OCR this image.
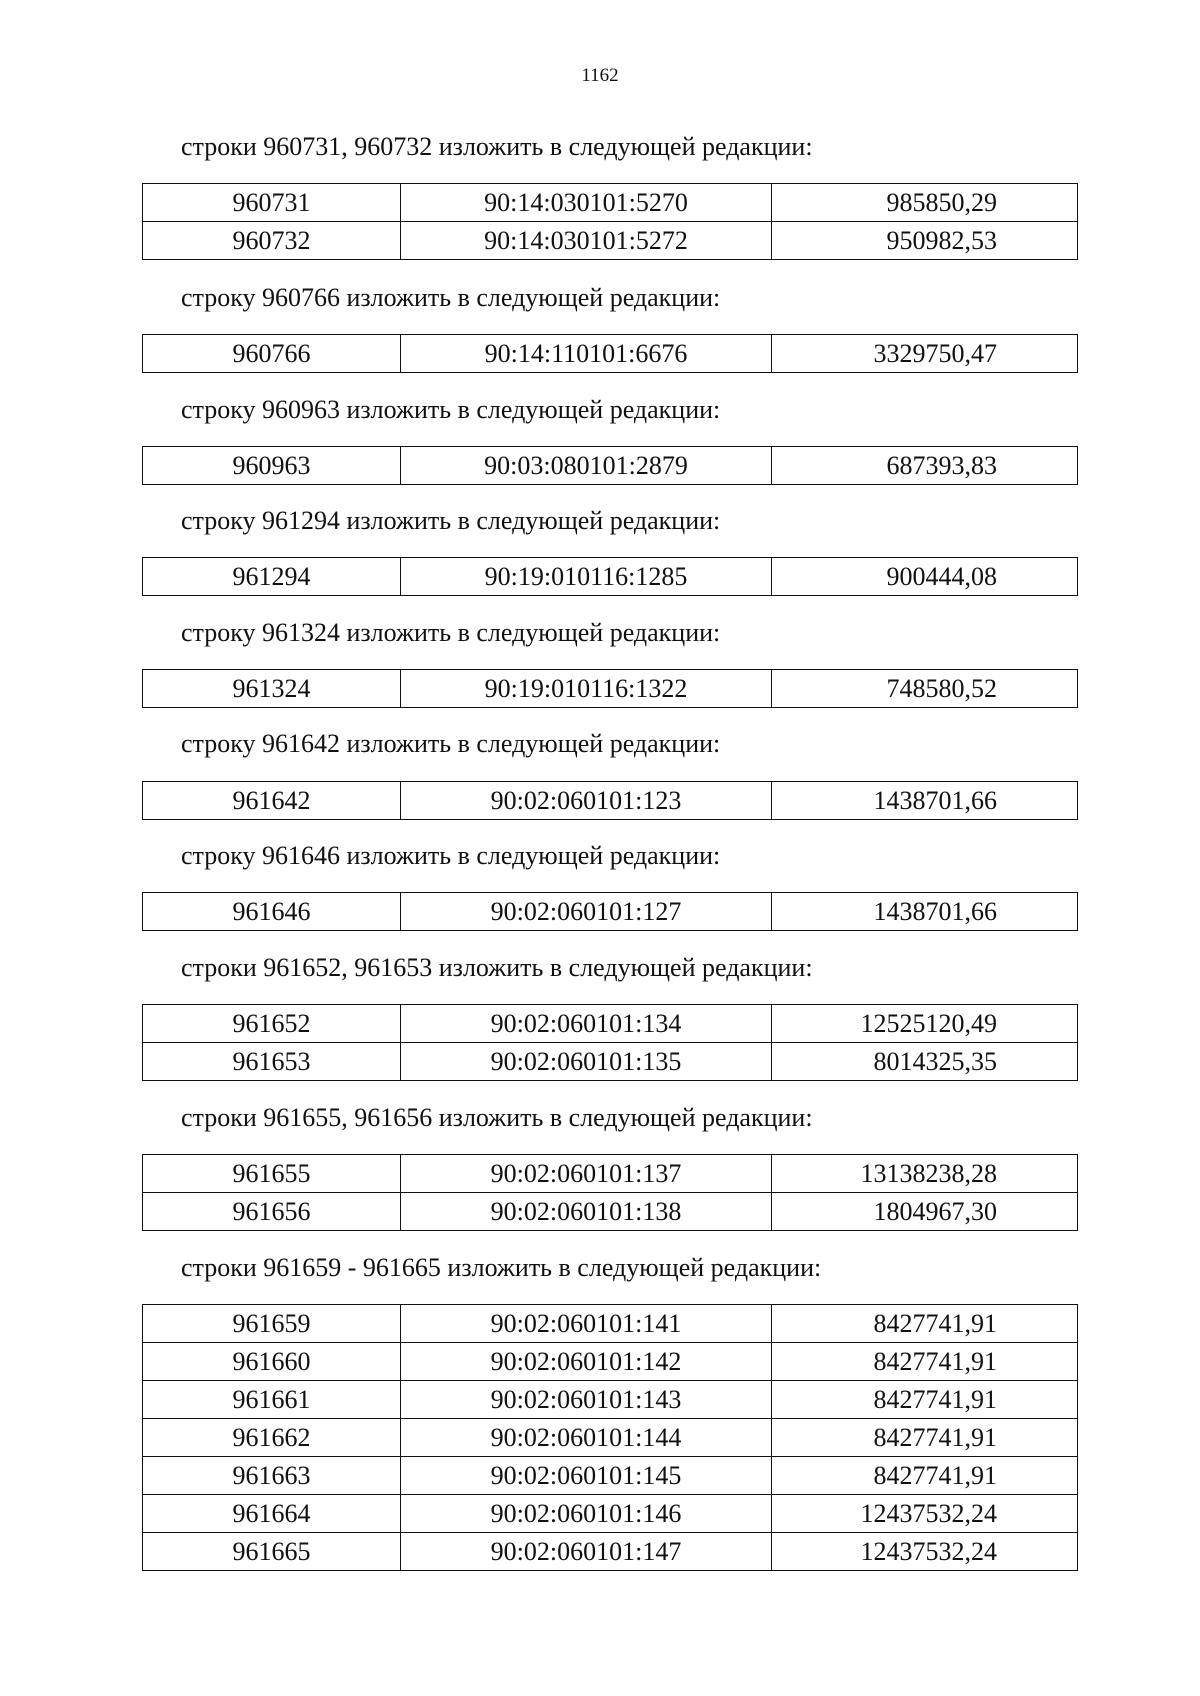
1162
строки 960731, 960732 изложить в следующей редакции:
960731	90:14:030101:5270	985850,29
960732	90:14:030101:5272	950982,53
строку 960766 изложить в следующей редакции:
960766	90:14:110101:6676	3329750,47
строку 960963 изложить в следующей редакции:
960963	90:03:080101:2879	687393,83
строку 961294 изложить в следующей редакции:
961294	90:19:010116:1285	900444,08
строку 961324 изложить в следующей редакции:
961324	90:19:010116:1322	748580,52
строку 961642 изложить в следующей редакции:
961642	90:02:060101:123	1438701,66
строку 961646 изложить в следующей редакции:
961646	90:02:060101:127	1438701,66
строки 961652, 961653 изложить в следующей редакции:
961652	90:02:060101:134	12525120,49
961653	90:02:060101:135	8014325,35
строки 961655, 961656 изложить в следующей редакции:
961655	90:02:060101:137	13138238,28
961656	90:02:060101:138	1804967,30
строки 961659 - 961665 изложить в следующей редакции:
961659	90:02:060101:141	8427741,91
961660	90:02:060101:142	8427741,91
961661	90:02:060101:143	8427741,91
961662	90:02:060101:144	8427741,91
961663	90:02:060101:145	8427741,91
961664	90:02:060101:146	12437532,24
961665	90:02:060101:147	12437532,24
